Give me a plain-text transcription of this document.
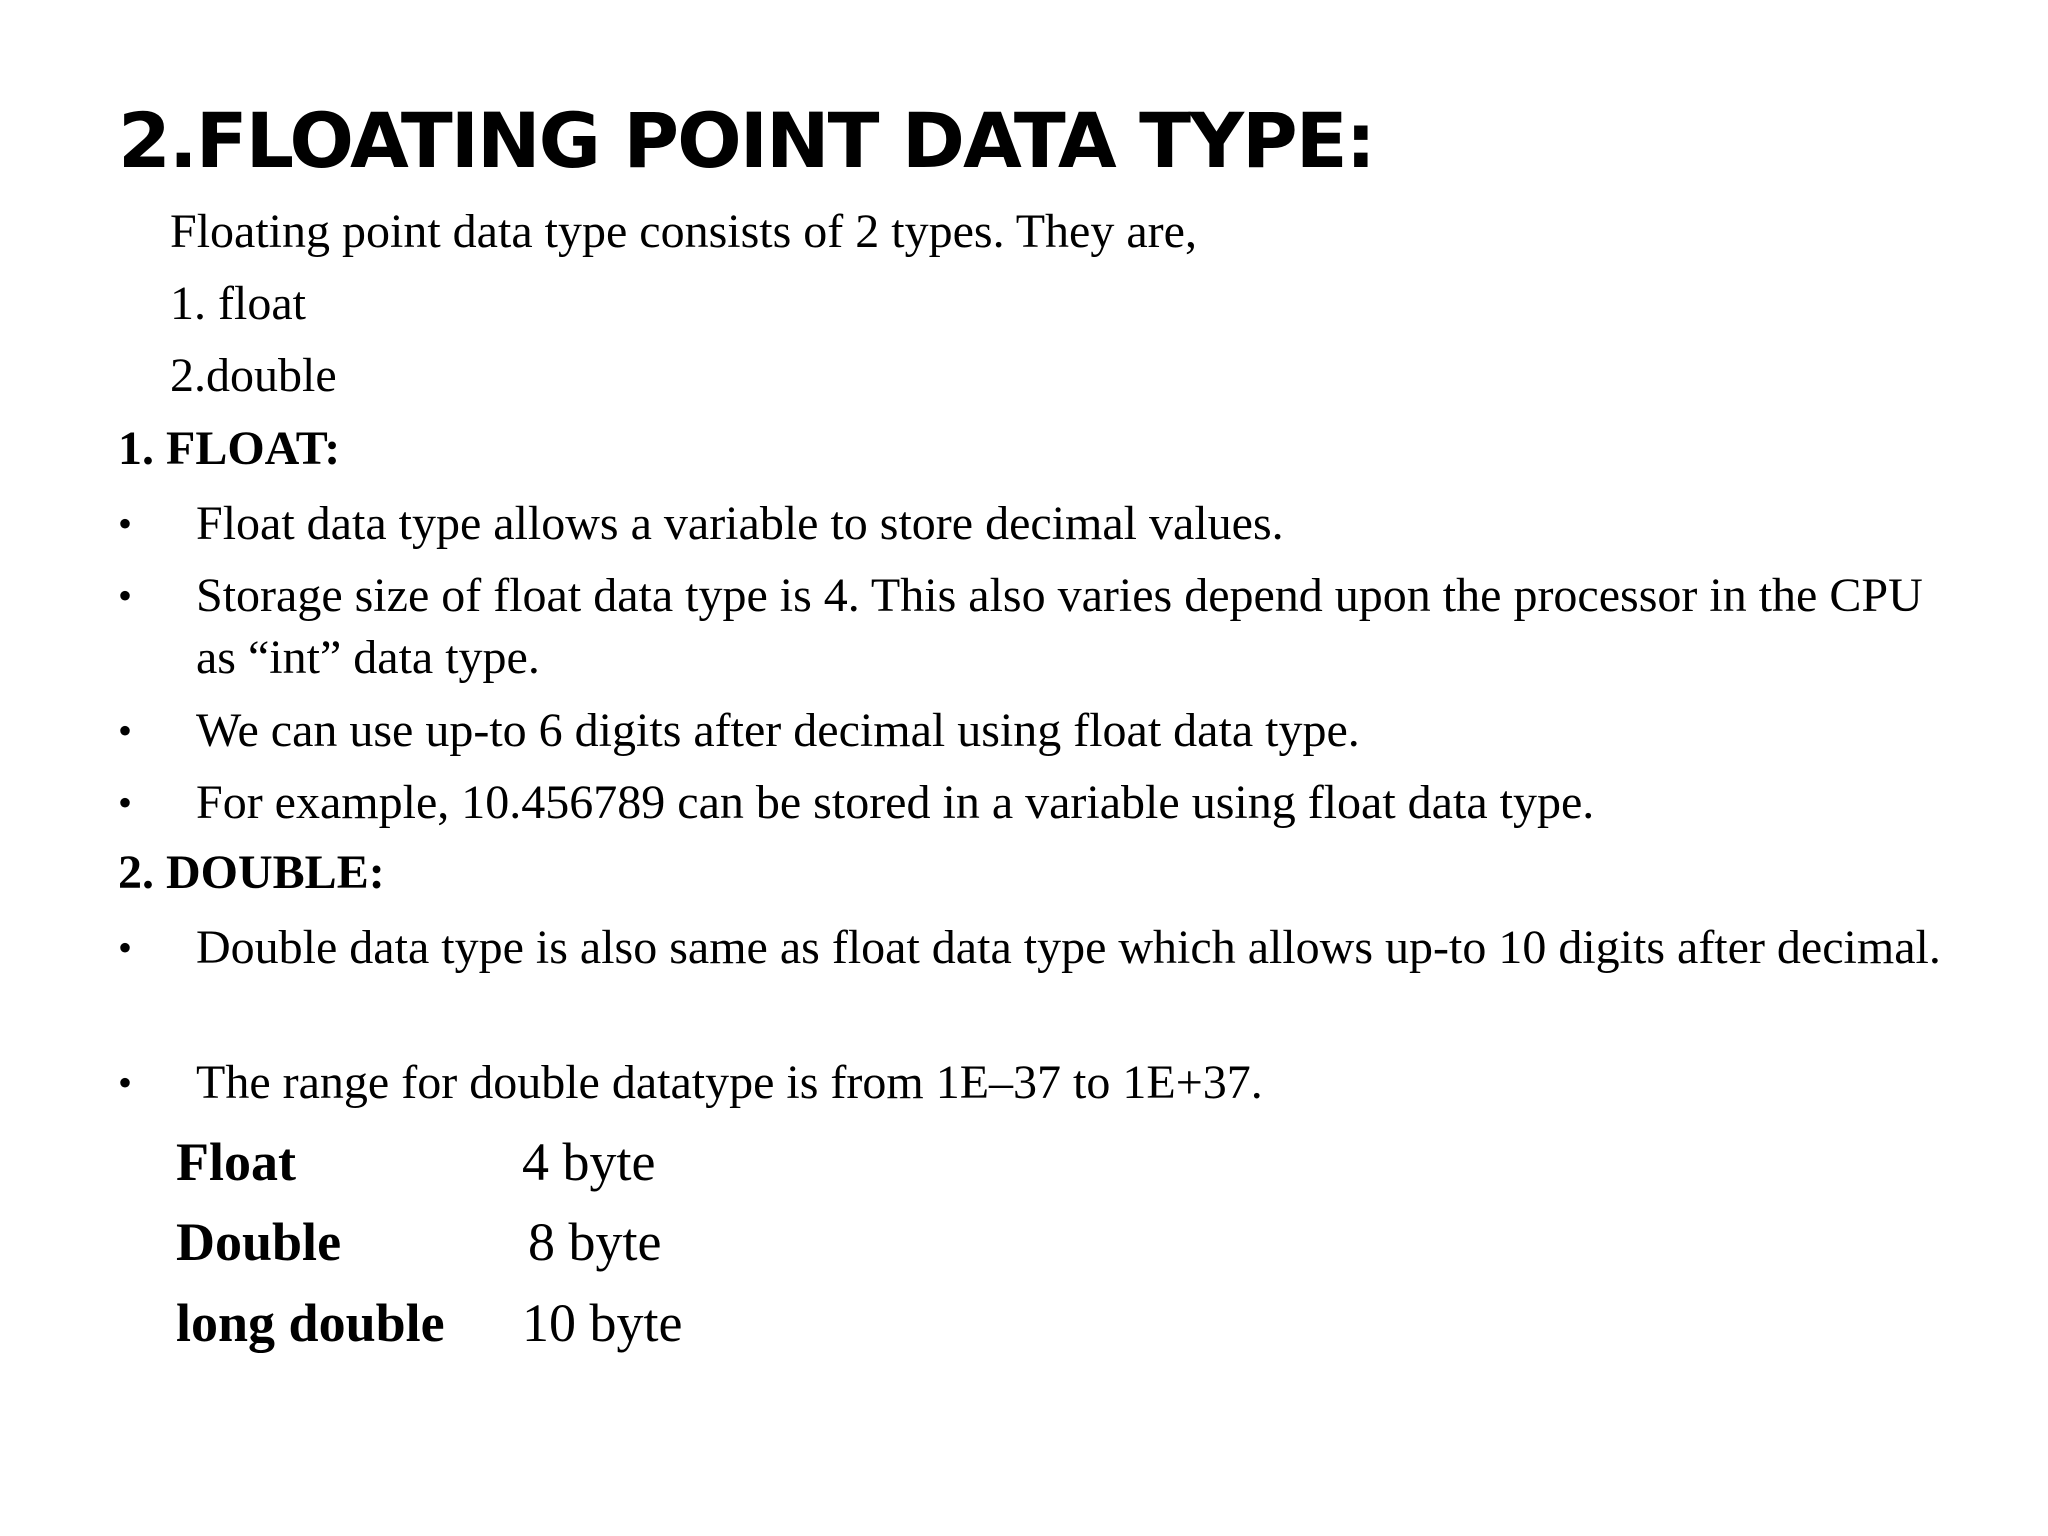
2.FLOATING POINT DATA TYPE:
Floating point data type consists of 2 types. They are,
1. float
2.double
1. FLOAT:
• Float data type allows a variable to store decimal values.
• Storage size of float data type is 4. This also varies depend upon the processor in the CPU as “int” data type.
• We can use up-to 6 digits after decimal using float data type.
• For example, 10.456789 can be stored in a variable using float data type.
2. DOUBLE:
• Double data type is also same as float data type which allows up-to 10 digits after decimal.
• The range for double datatype is from 1E–37 to 1E+37.
Float	4 byte
Double	8 byte
long double 10 byte
